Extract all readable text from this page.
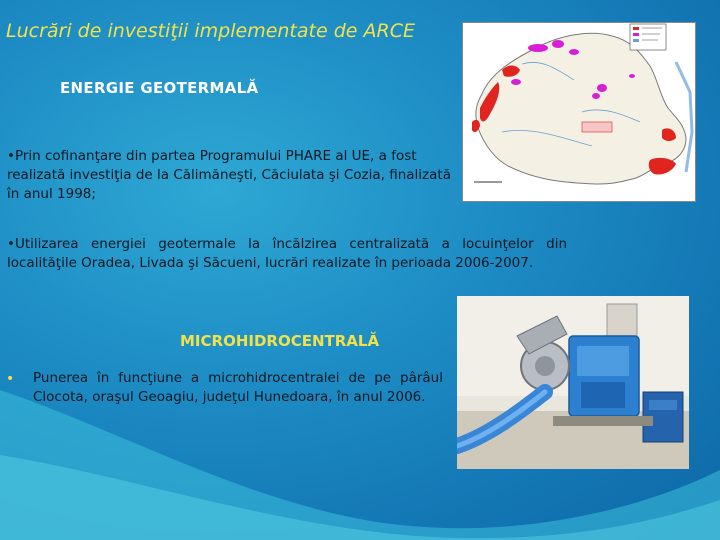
Lucrări de investiţii implementate de ARCE
ENERGIE GEOTERMALĂ
•Prin cofinanţare din partea Programului PHARE al UE, a fost realizată investiţia de la Călimăneşti, Căciulata şi Cozia, finalizată în anul 1998;
•Utilizarea energiei geotermale la încălzirea centralizată a locuinţelor din localităţile Oradea, Livada şi Săcueni, lucrări realizate în perioada 2006-2007.
MICROHIDROCENTRALĂ
• Punerea în funcţiune a microhidrocentralei de pe pârâul Clocota, oraşul Geoagiu, judeţul Hunedoara, în anul 2006.
